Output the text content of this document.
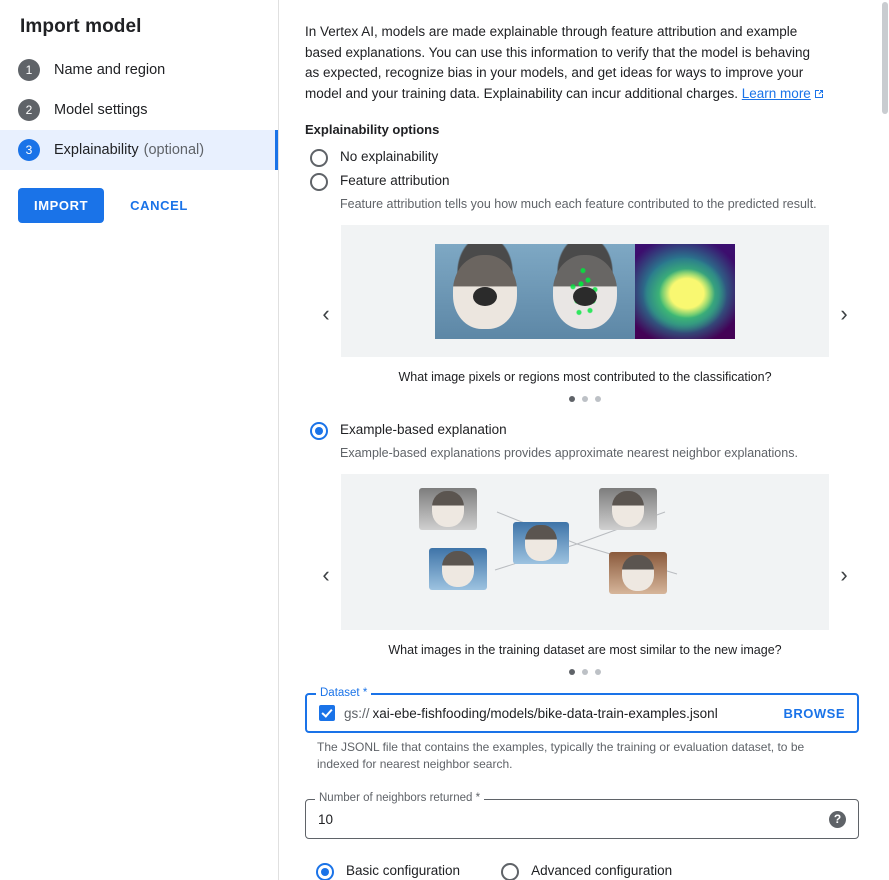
Import model
1	Name and region
2	Model settings
3	Explainability (optional)
IMPORT	CANCEL

In Vertex AI, models are made explainable through feature attribution and example based explanations. You can use this information to verify that the model is behaving as expected, recognize bias in your models, and get ideas for ways to improve your model and your training data. Explainability can incur additional charges. Learn more

Explainability options
No explainability
Feature attribution
Feature attribution tells you how much each feature contributed to the predicted result.
‹
What image pixels or regions most contributed to the classification?
›
Example-based explanation
Example-based explanations provides approximate nearest neighbor explanations.
‹
What images in the training dataset are most similar to the new image?
›
Dataset *
gs:// xai-ebe-fishfooding/models/bike-data-train-examples.jsonl	BROWSE
The JSONL file that contains the examples, typically the training or evaluation dataset, to be indexed for nearest neighbor search.
Number of neighbors returned *
10	?
Basic configuration	Advanced configuration
